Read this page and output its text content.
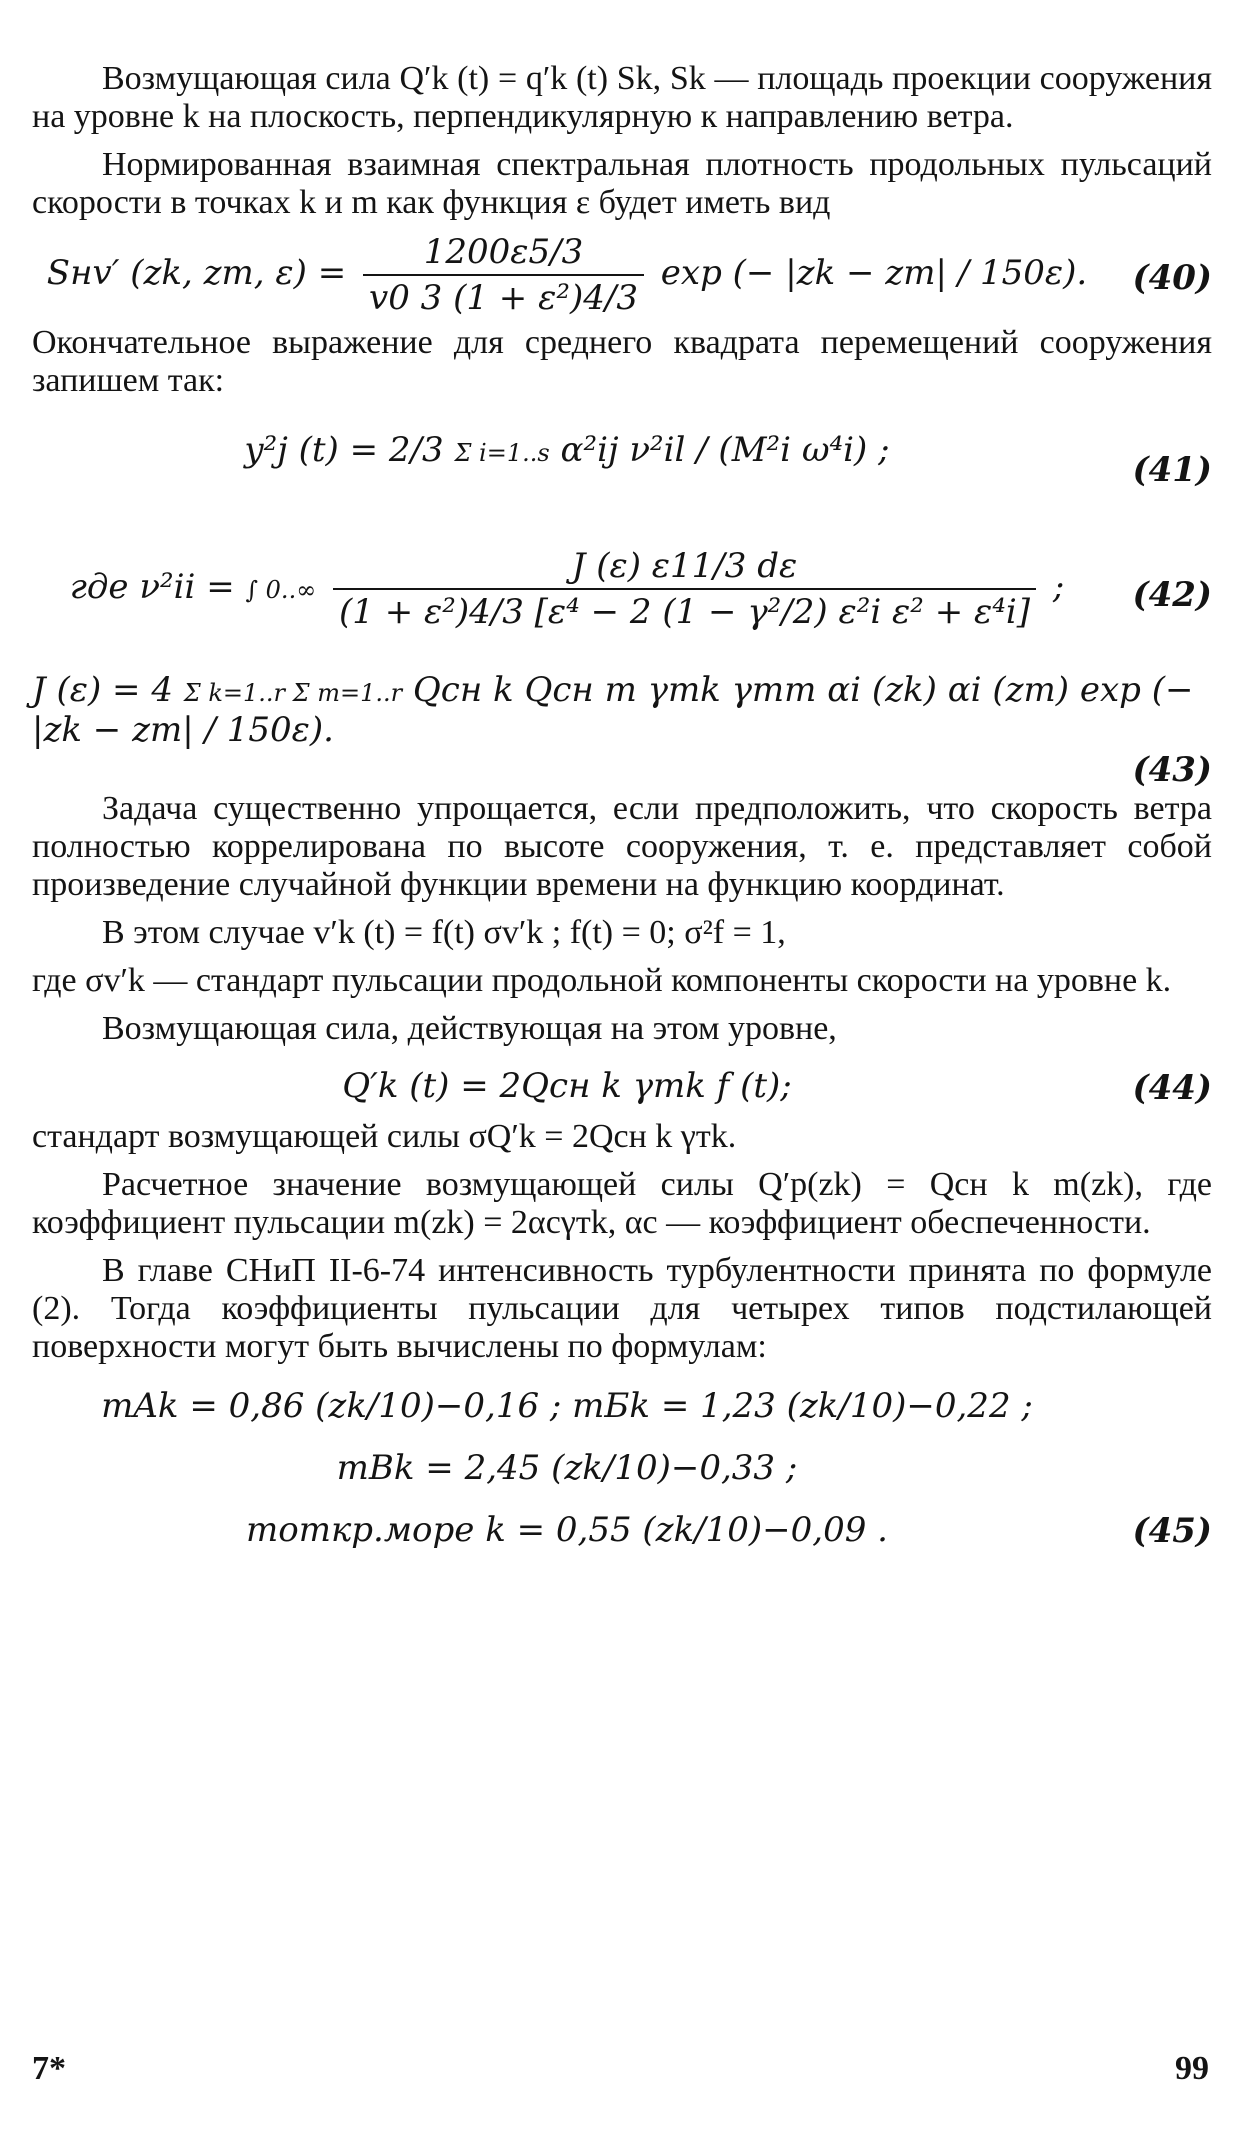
Возмущающая сила Q′k (t) = q′k (t) Sk, Sk — площадь проекции сооружения на уровне k на плоскость, перпендикулярную к направлению ветра.

Нормированная взаимная спектральная плотность продольных пульсаций скорости в точках k и m как функция ε будет иметь вид

Sнv′ (zk, zm, $\varepsilon) = \frac{1200\varepsilon 5/3}{\text{v0 3 (1 + ε²)4/3}}$ exp (− |zk − zm| / 150ε).	(40)

Окончательное выражение для среднего квадрата перемещений сооружения запишем так:

y²j (t) = 2/3 Σ i=1..s α²ij ν²il / (M²i ω⁴i) ;	(41)
где ν²ii = ∫ $0..\infty \frac{J (\varepsilon) \varepsilon 11/3 d\varepsilon}{\text{(1 + ε²)4/3 [ε⁴ − 2 (1 − γ²/2) ε²i ε² + ε⁴i]}}$ ;	(42)
J (ε) = 4 Σ k=1..r Σ m=1..r Qсн k Qсн m γтk γтm αi (zk) αi (zm) exp (− |zk − zm| / 150ε).
(43)

Задача существенно упрощается, если предположить, что скорость ветра полностью коррелирована по высоте сооружения, т. е. представляет собой произведение случайной функции времени на функцию координат.

В этом случае v′k (t) = f(t) σv′k ; f(t) = 0; σ²f = 1,

где σv′k — стандарт пульсации продольной компоненты скорости на уровне k.

Возмущающая сила, действующая на этом уровне,

Q′k (t) = 2Qсн k γтk f (t);	(44)

стандарт возмущающей силы σQ′k = 2Qсн k γтk.

Расчетное значение возмущающей силы Q′р(zk) = Qсн k m(zk), где коэффициент пульсации m(zk) = 2αcγтk, αc — коэффициент обеспеченности.

В главе СНиП II-6-74 интенсивность турбулентности принята по формуле (2). Тогда коэффициенты пульсации для четырех типов подстилающей поверхности могут быть вычислены по формулам:

mAk = 0,86 (zk/10)−0,16 ; mБk = 1,23 (zk/10)−0,22 ;
mВk = 2,45 (zk/10)−0,33 ;
mоткр.море k = 0,55 (zk/10)−0,09 .	(45)
7*	99
